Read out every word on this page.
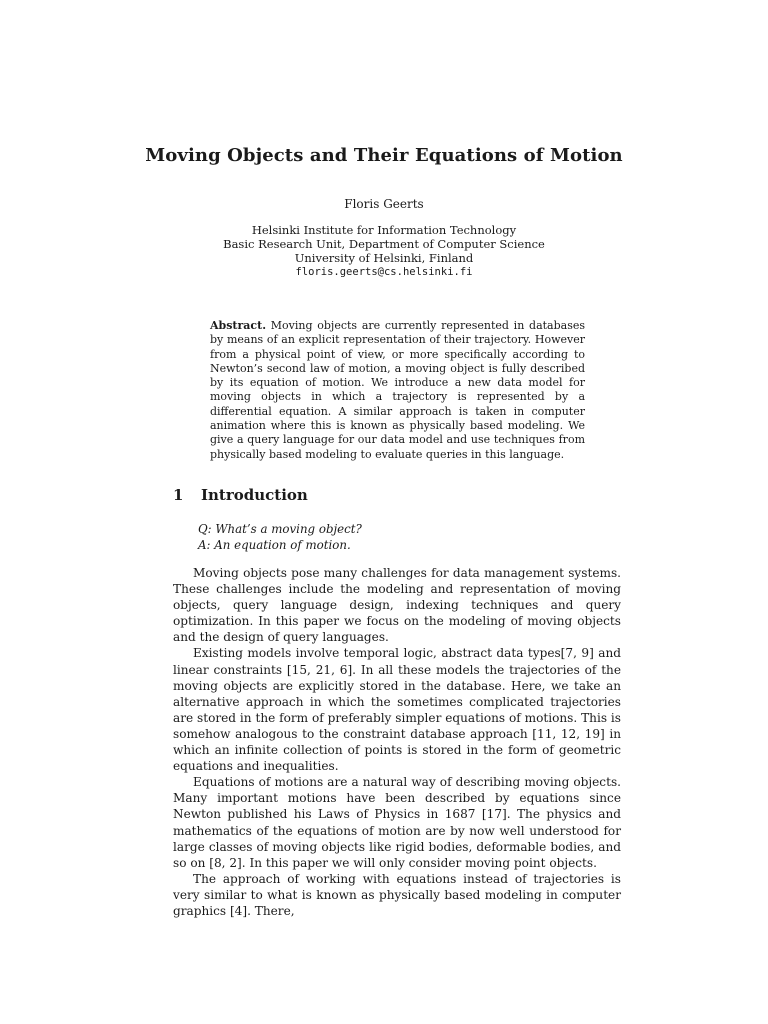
Moving Objects and Their Equations of Motion
Floris Geerts
Helsinki Institute for Information Technology
Basic Research Unit, Department of Computer Science
University of Helsinki, Finland
floris.geerts@cs.helsinki.fi
Abstract. Moving objects are currently represented in databases by means of an explicit representation of their trajectory. However from a physical point of view, or more specifically according to Newton’s second law of motion, a moving object is fully described by its equation of motion. We introduce a new data model for moving objects in which a trajectory is represented by a differential equation. A similar approach is taken in computer animation where this is known as physically based modeling. We give a query language for our data model and use techniques from physically based modeling to evaluate queries in this language.
1 Introduction
Q: What’s a moving object?
A: An equation of motion.

Moving objects pose many challenges for data management systems. These challenges include the modeling and representation of moving objects, query language design, indexing techniques and query optimization. In this paper we focus on the modeling of moving objects and the design of query languages.

Existing models involve temporal logic, abstract data types[7, 9] and linear constraints [15, 21, 6]. In all these models the trajectories of the moving objects are explicitly stored in the database. Here, we take an alternative approach in which the sometimes complicated trajectories are stored in the form of preferably simpler equations of motions. This is somehow analogous to the constraint database approach [11, 12, 19] in which an infinite collection of points is stored in the form of geometric equations and inequalities.

Equations of motions are a natural way of describing moving objects. Many important motions have been described by equations since Newton published his Laws of Physics in 1687 [17]. The physics and mathematics of the equations of motion are by now well understood for large classes of moving objects like rigid bodies, deformable bodies, and so on [8, 2]. In this paper we will only consider moving point objects.

The approach of working with equations instead of trajectories is very similar to what is known as physically based modeling in computer graphics [4]. There,
